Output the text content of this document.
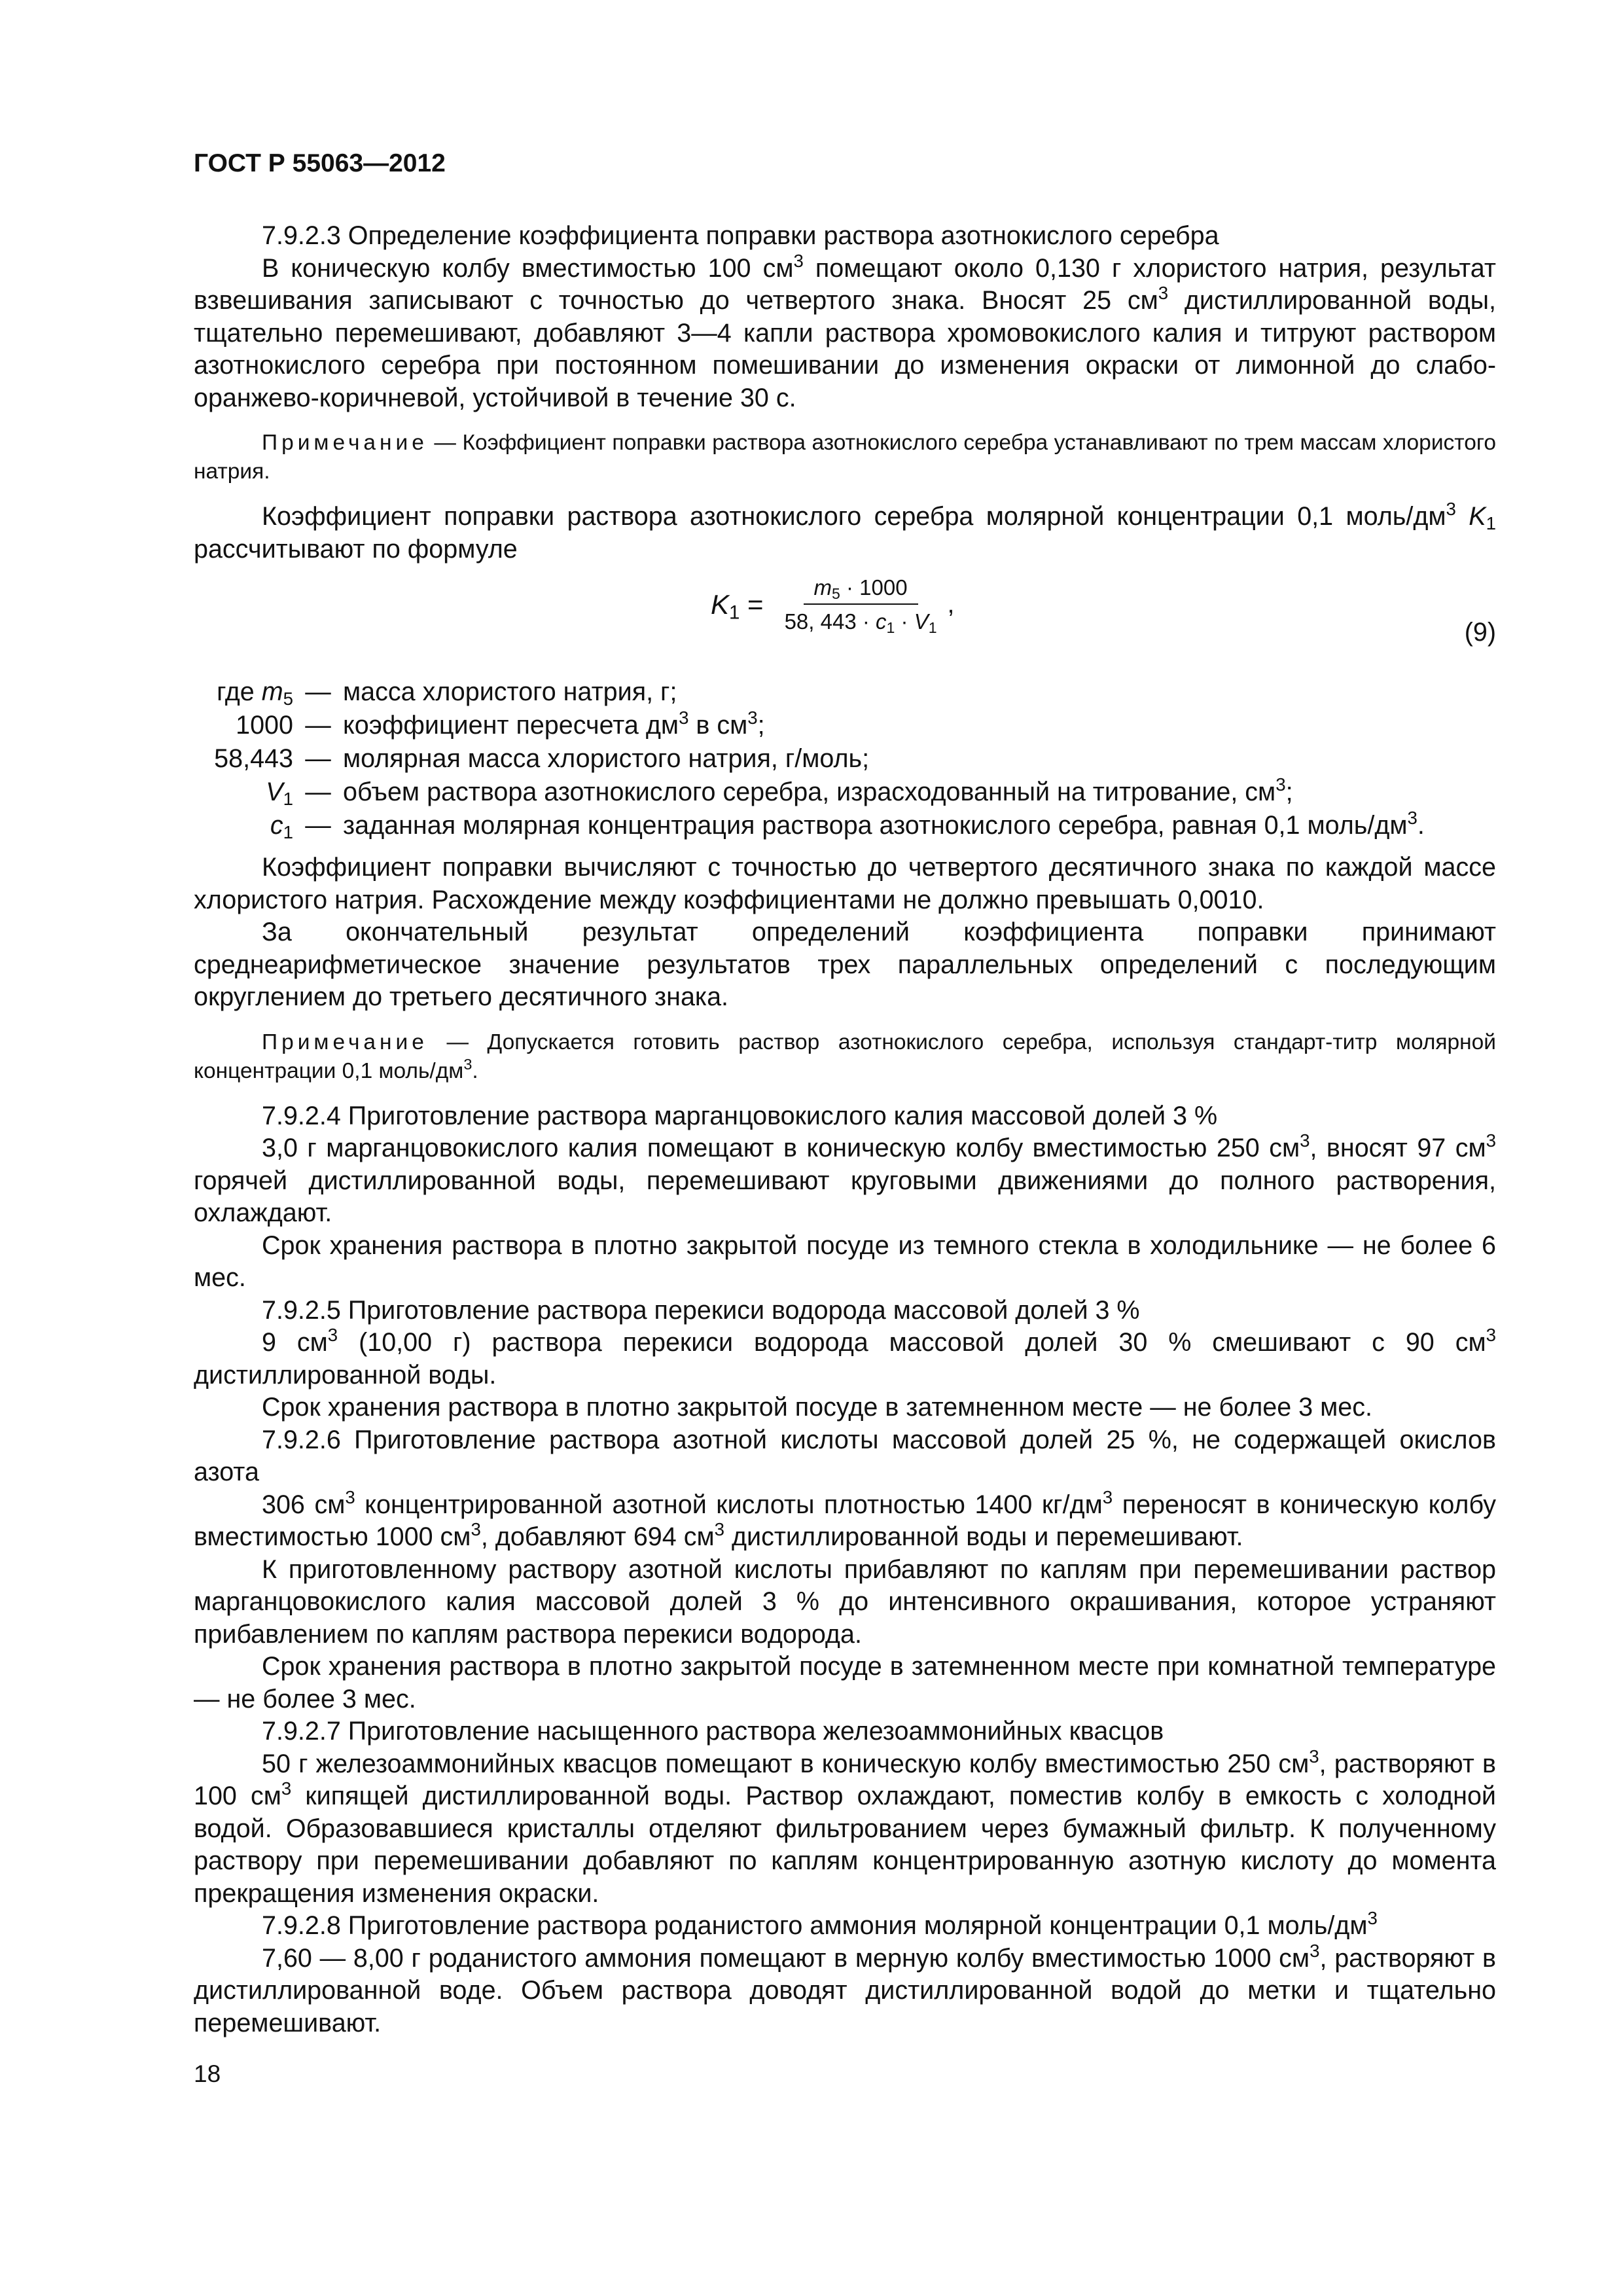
ГОСТ Р 55063—2012

7.9.2.3 Определение коэффициента поправки раствора азотнокислого серебра

В коническую колбу вместимостью 100 $см^3$ помещают около 0,130 г хлористого натрия, результат взвешивания записывают с точностью до четвертого знака. Вносят 25 $см^3$ дистиллированной воды, тщательно перемешивают, добавляют 3—4 капли раствора хромовокислого калия и титруют раствором азотнокислого серебра при постоянном помешивании до изменения окраски от лимонной до слабо-оранжево-коричневой, устойчивой в течение 30 с.

Примечание — Коэффициент поправки раствора азотнокислого серебра устанавливают по трем массам хлористого натрия.

Коэффициент поправки раствора азотнокислого серебра молярной концентрации 0,1 моль/$дм^3$ $K_1$ рассчитывают по формуле

$K_1 = \frac{m_5 \cdot 1000}{58, 443 \cdot c_1 \cdot V_1}$ ,
(9)
где $m_5$ — масса хлористого натрия, г;
1000 — коэффициент пересчета $дм^3$ в $см^3$;
58,443 — молярная масса хлористого натрия, г/моль;
$V_1$ — объем раствора азотнокислого серебра, израсходованный на титрование, $см^3$;
$c_1$ — заданная молярная концентрация раствора азотнокислого серебра, равная 0,1 моль/$дм^3$.

Коэффициент поправки вычисляют с точностью до четвертого десятичного знака по каждой массе хлористого натрия. Расхождение между коэффициентами не должно превышать 0,0010.

За окончательный результат определений коэффициента поправки принимают среднеарифметическое значение результатов трех параллельных определений с последующим округлением до третьего десятичного знака.

Примечание — Допускается готовить раствор азотнокислого серебра, используя стандарт-титр молярной концентрации 0,1 моль/$дм^3$.

7.9.2.4 Приготовление раствора марганцовокислого калия массовой долей 3 %

3,0 г марганцовокислого калия помещают в коническую колбу вместимостью 250 $см^3$, вносят 97 $см^3$ горячей дистиллированной воды, перемешивают круговыми движениями до полного растворения, охлаждают.

Срок хранения раствора в плотно закрытой посуде из темного стекла в холодильнике — не более 6 мес.

7.9.2.5 Приготовление раствора перекиси водорода массовой долей 3 %

9 $см^3$ (10,00 г) раствора перекиси водорода массовой долей 30 % смешивают с 90 $см^3$ дистиллированной воды.

Срок хранения раствора в плотно закрытой посуде в затемненном месте — не более 3 мес.

7.9.2.6 Приготовление раствора азотной кислоты массовой долей 25 %, не содержащей окислов азота

306 $см^3$ концентрированной азотной кислоты плотностью 1400 $кг/дм^3$ переносят в коническую колбу вместимостью 1000 $см^3$, добавляют 694 $см^3$ дистиллированной воды и перемешивают.

К приготовленному раствору азотной кислоты прибавляют по каплям при перемешивании раствор марганцовокислого калия массовой долей 3 % до интенсивного окрашивания, которое устраняют прибавлением по каплям раствора перекиси водорода.

Срок хранения раствора в плотно закрытой посуде в затемненном месте при комнатной температуре — не более 3 мес.

7.9.2.7 Приготовление насыщенного раствора железоаммонийных квасцов

50 г железоаммонийных квасцов помещают в коническую колбу вместимостью 250 $см^3$, растворяют в 100 $см^3$ кипящей дистиллированной воды. Раствор охлаждают, поместив колбу в емкость с холодной водой. Образовавшиеся кристаллы отделяют фильтрованием через бумажный фильтр. К полученному раствору при перемешивании добавляют по каплям концентрированную азотную кислоту до момента прекращения изменения окраски.

7.9.2.8 Приготовление раствора роданистого аммония молярной концентрации 0,1 моль/$дм^3$

7,60 — 8,00 г роданистого аммония помещают в мерную колбу вместимостью 1000 $см^3$, растворяют в дистиллированной воде. Объем раствора доводят дистиллированной водой до метки и тщательно перемешивают.

18
